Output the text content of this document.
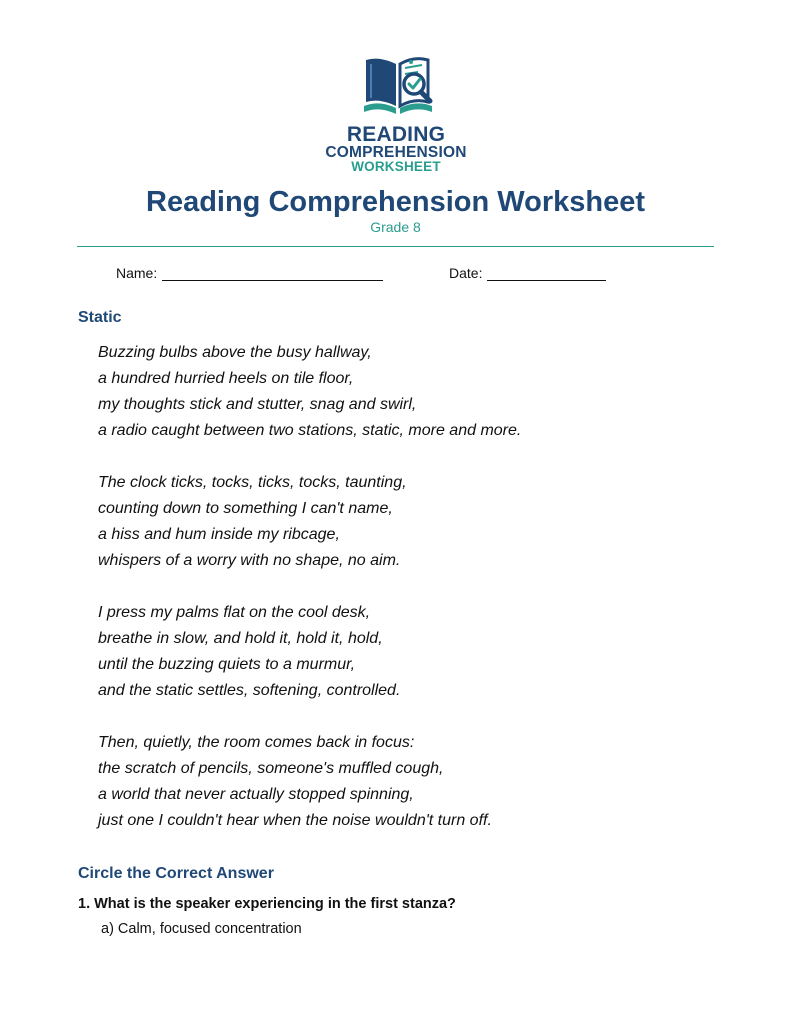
READING
COMPREHENSION
WORKSHEET
Reading Comprehension Worksheet
Grade 8
Name:	Date:
Static
Buzzing bulbs above the busy hallway,
a hundred hurried heels on tile floor,
my thoughts stick and stutter, snag and swirl,
a radio caught between two stations, static, more and more.
The clock ticks, tocks, ticks, tocks, taunting,
counting down to something I can't name,
a hiss and hum inside my ribcage,
whispers of a worry with no shape, no aim.
I press my palms flat on the cool desk,
breathe in slow, and hold it, hold it, hold,
until the buzzing quiets to a murmur,
and the static settles, softening, controlled.
Then, quietly, the room comes back in focus:
the scratch of pencils, someone's muffled cough,
a world that never actually stopped spinning,
just one I couldn't hear when the noise wouldn't turn off.
Circle the Correct Answer
1. What is the speaker experiencing in the first stanza?
a) Calm, focused concentration
